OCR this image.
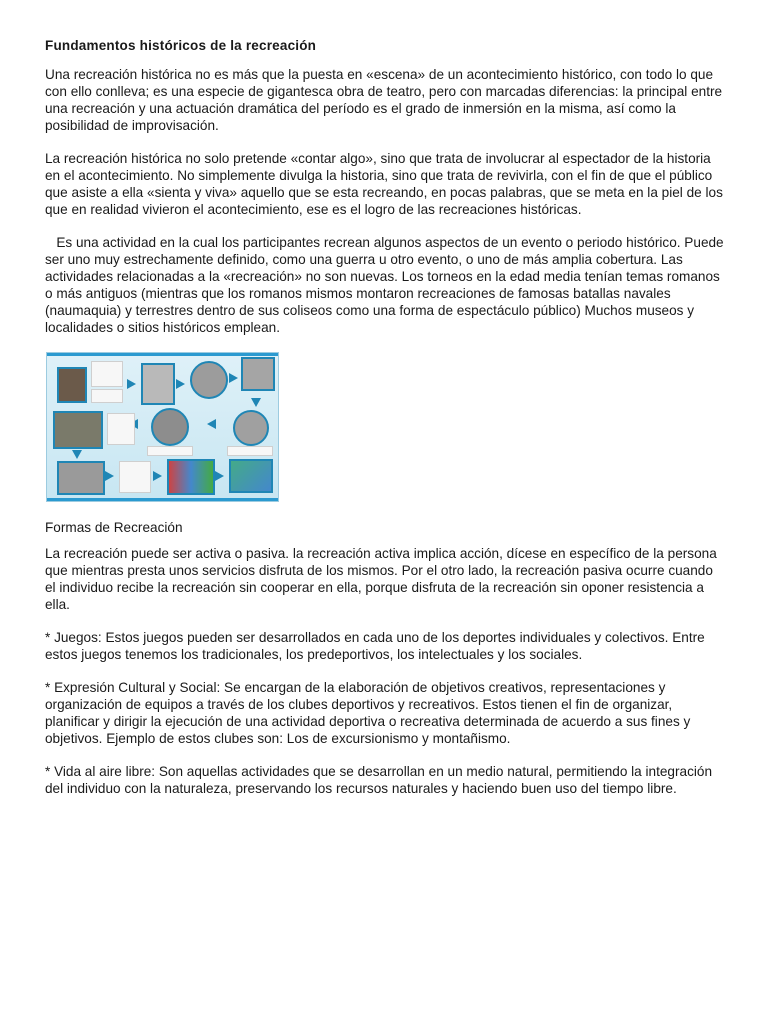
Fundamentos históricos de la recreación

Una recreación histórica no es más que la puesta en «escena» de un acontecimiento histórico, con todo lo que con ello conlleva; es una especie de gigantesca obra de teatro, pero con marcadas diferencias: la principal entre una recreación y una actuación dramática del período es el grado de inmersión en la misma, así como la posibilidad de improvisación.

La recreación histórica no solo pretende «contar algo», sino que trata de involucrar al espectador de la historia en el acontecimiento. No simplemente divulga la historia, sino que trata de revivirla, con el fin de que el público que asiste a ella «sienta y viva» aquello que se esta recreando, en pocas palabras, que se meta en la piel de los que en realidad vivieron el acontecimiento, ese es el logro de las recreaciones históricas.

Es una actividad en la cual los participantes recrean algunos aspectos de un evento o periodo histórico. Puede ser uno muy estrechamente definido, como una guerra u otro evento, o uno de más amplia cobertura. Las actividades relacionadas a la «recreación» no son nuevas. Los torneos en la edad media tenían temas romanos o más antiguos (mientras que los romanos mismos montaron recreaciones de famosas batallas navales (naumaquia) y terrestres dentro de sus coliseos como una forma de espectáculo público) Muchos museos y localidades o sitios históricos emplean.

Formas de Recreación

La recreación puede ser activa o pasiva. la recreación activa implica acción, dícese en específico de la persona que mientras presta unos servicios disfruta de los mismos. Por el otro lado, la recreación pasiva ocurre cuando el individuo recibe la recreación sin cooperar en ella, porque disfruta de la recreación sin oponer resistencia a ella.

* Juegos: Estos juegos pueden ser desarrollados en cada uno de los deportes individuales y colectivos. Entre estos juegos tenemos los tradicionales, los predeportivos, los intelectuales y los sociales.

* Expresión Cultural y Social: Se encargan de la elaboración de objetivos creativos, representaciones y organización de equipos a través de los clubes deportivos y recreativos. Estos tienen el fin de organizar, planificar y dirigir la ejecución de una actividad deportiva o recreativa determinada de acuerdo a sus fines y objetivos. Ejemplo de estos clubes son: Los de excursionismo y montañismo.

* Vida al aire libre: Son aquellas actividades que se desarrollan en un medio natural, permitiendo la integración del individuo con la naturaleza, preservando los recursos naturales y haciendo buen uso del tiempo libre.
